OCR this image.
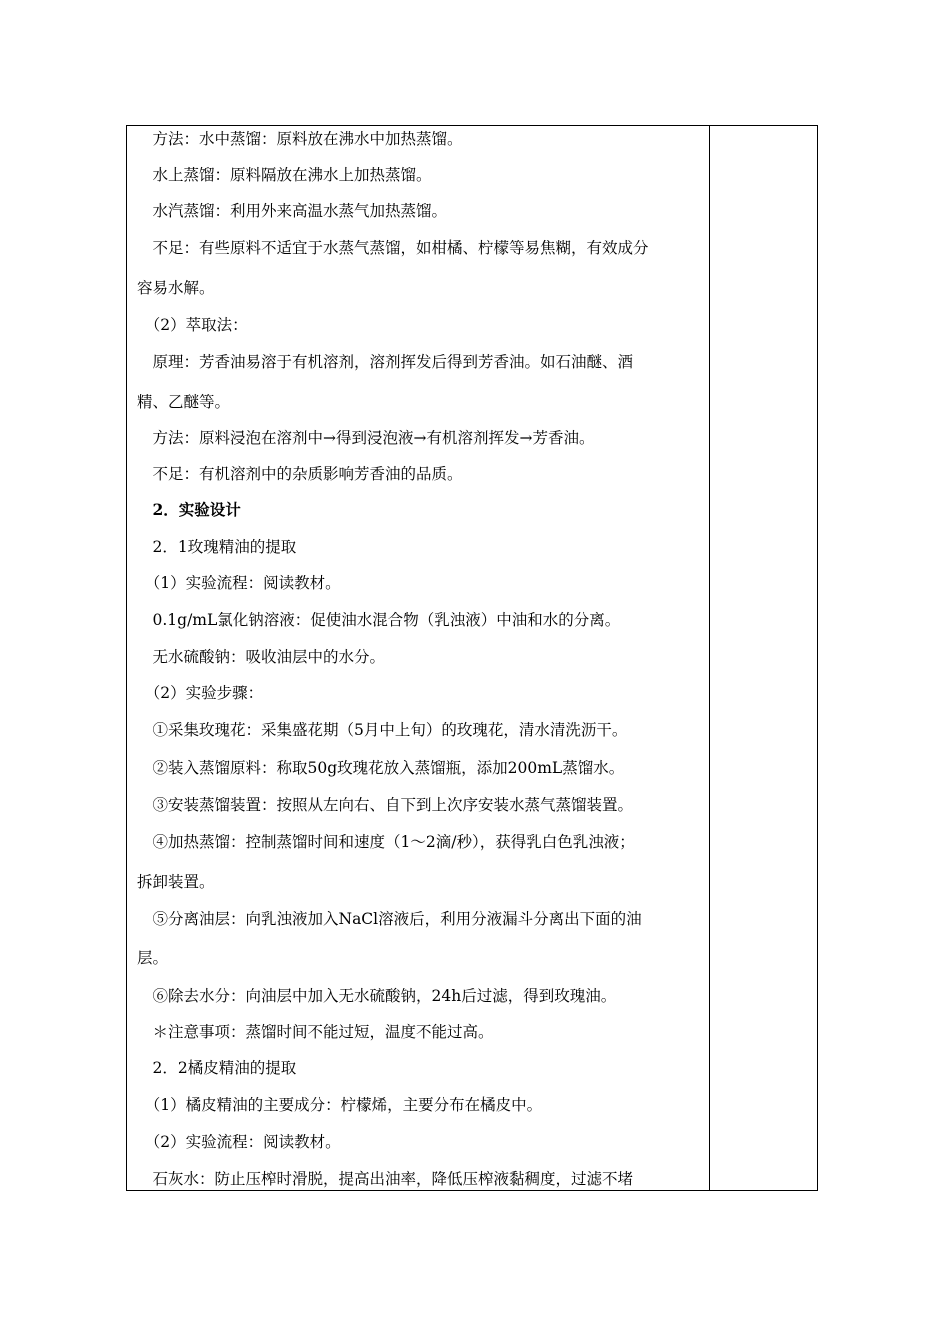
　方法：水中蒸馏：原料放在沸水中加热蒸馏。
　水上蒸馏：原料隔放在沸水上加热蒸馏。
　水汽蒸馏：利用外来高温水蒸气加热蒸馏。
　不足：有些原料不适宜于水蒸气蒸馏，如柑橘、柠檬等易焦糊，有效成分
容易水解。
　（2）萃取法：
　原理：芳香油易溶于有机溶剂，溶剂挥发后得到芳香油。如石油醚、酒
精、乙醚等。
　方法：原料浸泡在溶剂中→得到浸泡液→有机溶剂挥发→芳香油。
　不足：有机溶剂中的杂质影响芳香油的品质。
　2．实验设计
　2．1玫瑰精油的提取
　（1）实验流程：阅读教材。
　0.1g/mL氯化钠溶液：促使油水混合物（乳浊液）中油和水的分离。
　无水硫酸钠：吸收油层中的水分。
　（2）实验步骤：
　①采集玫瑰花：采集盛花期（5月中上旬）的玫瑰花，清水清洗沥干。
　②装入蒸馏原料：称取50g玫瑰花放入蒸馏瓶，添加200mL蒸馏水。
　③安装蒸馏装置：按照从左向右、自下到上次序安装水蒸气蒸馏装置。
　④加热蒸馏：控制蒸馏时间和速度（1～2滴/秒），获得乳白色乳浊液；
拆卸装置。
　⑤分离油层：向乳浊液加入NaCl溶液后，利用分液漏斗分离出下面的油
层。
　⑥除去水分：向油层中加入无水硫酸钠，24h后过滤，得到玫瑰油。
　＊注意事项：蒸馏时间不能过短，温度不能过高。
　2．2橘皮精油的提取
　（1）橘皮精油的主要成分：柠檬烯，主要分布在橘皮中。
　（2）实验流程：阅读教材。
　石灰水：防止压榨时滑脱，提高出油率，降低压榨液黏稠度，过滤不堵
